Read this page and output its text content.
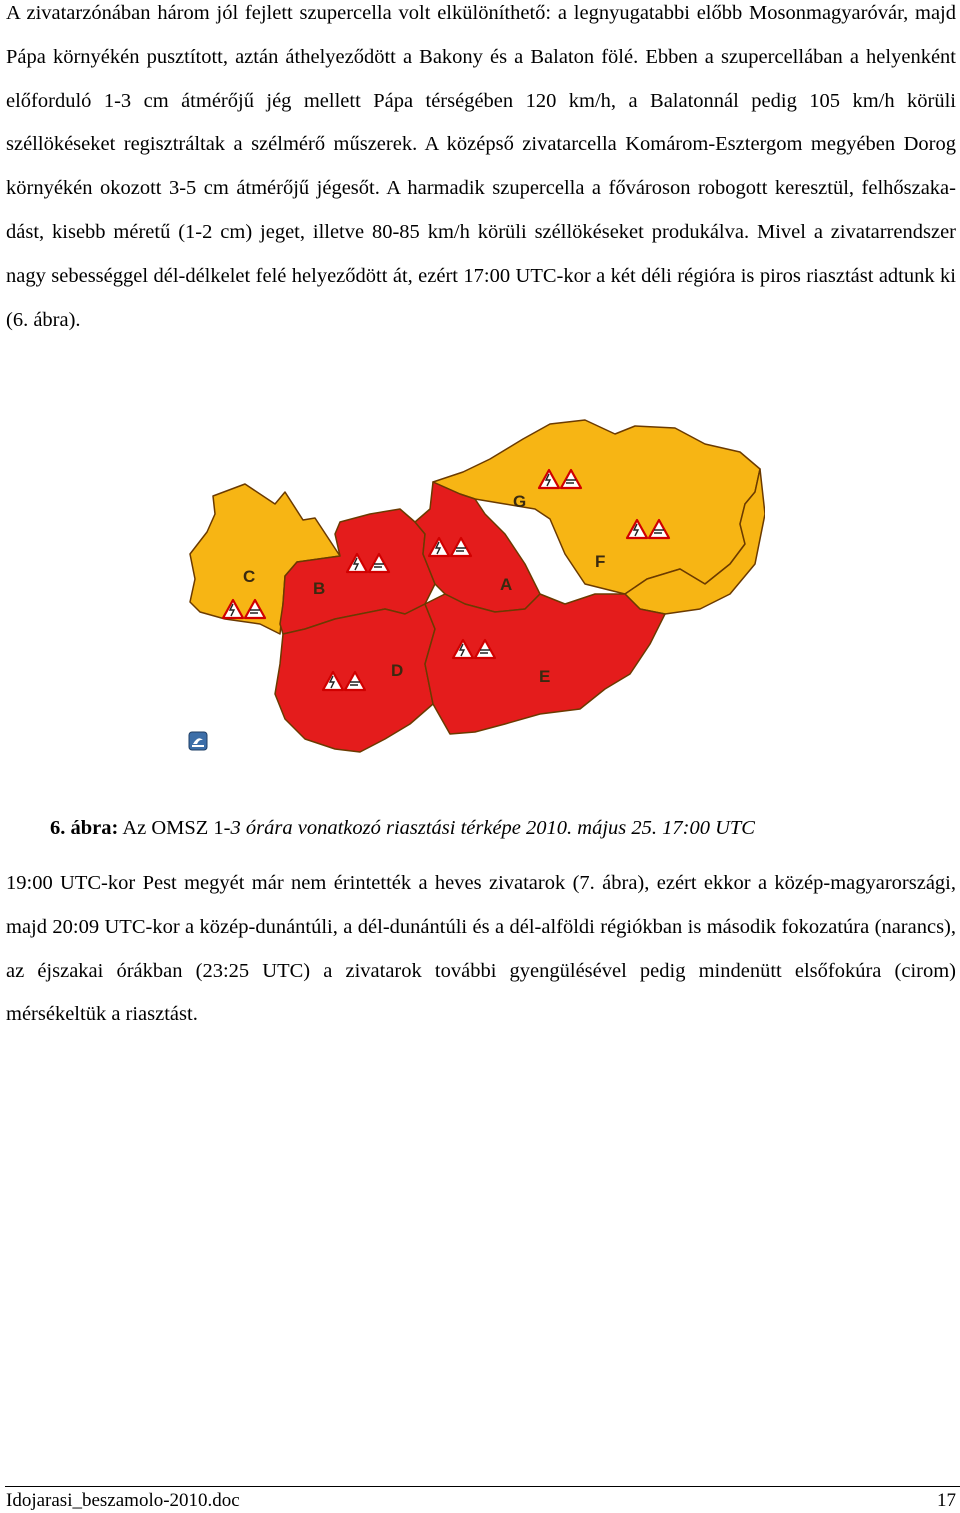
A zivatarzónában három jól fejlett szupercella volt elkülöníthető: a legnyugatabbi előbb Mosonmagyaróvár, majd Pápa környékén pusztított, aztán áthelyeződött a Bakony és a Balaton fölé. Ebben a szupercellában a helyenként előforduló 1-3 cm átmérőjű jég mellett Pápa térségében 120 km/h, a Balatonnál pedig 105 km/h körüli széllökéseket regisztráltak a szélmérő műszerek. A középső zivatarcella Komárom-Esztergom megyében Dorog környékén okozott 3-5 cm átmérőjű jégesőt. A harmadik szupercella a fővároson robogott keresztül, felhőszakadást, kisebb méretű (1-2 cm) jeget, illetve 80-85 km/h körüli széllökéseket produkálva. Mivel a zivatarrendszer nagy sebességgel dél-délkelet felé helyeződött át, ezért 17:00 UTC-kor a két déli régióra is piros riasztást adtunk ki (6. ábra).

C
B	A
D	E
F
G

6. ábra: Az OMSZ 1-3 órára vonatkozó riasztási térképe 2010. május 25. 17:00 UTC

19:00 UTC-kor Pest megyét már nem érintették a heves zivatarok (7. ábra), ezért ekkor a közép-magyarországi, majd 20:09 UTC-kor a közép-dunántúli, a dél-dunántúli és a dél-alföldi régiókban is második fokozatúra (narancs), az éjszakai órákban (23:25 UTC) a zivatarok további gyengülésével pedig mindenütt elsőfokúra (cirom) mérsékeltük a riasztást.

Idojarasi_beszamolo-2010.doc	17
